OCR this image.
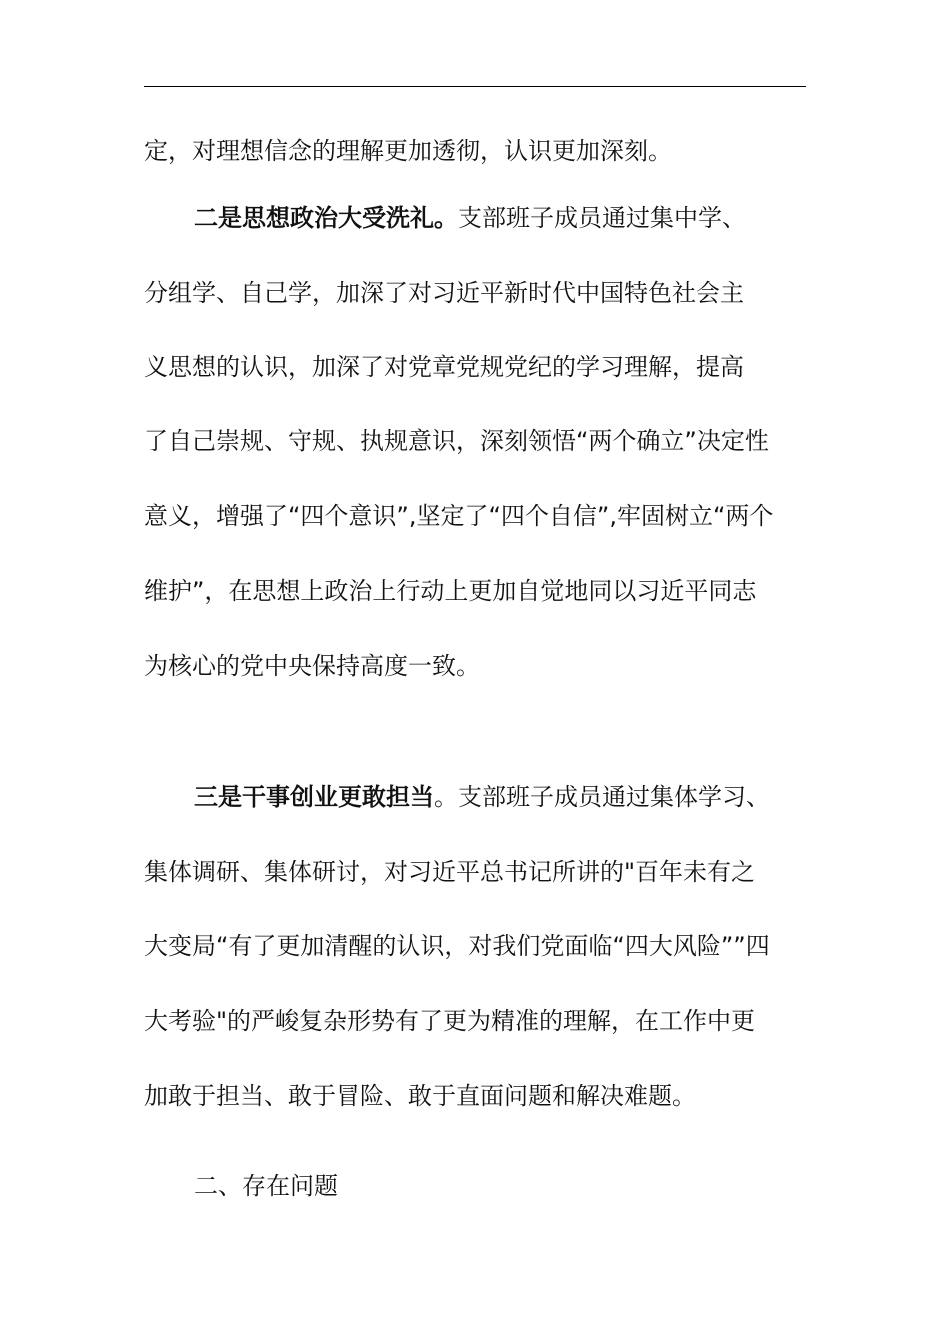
定，对理想信念的理解更加透彻，认识更加深刻。
二是思想政治大受洗礼。支部班子成员通过集中学、
分组学、自己学，加深了对习近平新时代中国特色社会主
义思想的认识，加深了对党章党规党纪的学习理解，提高
了自己崇规、守规、执规意识，深刻领悟“两个确立”决定性
意义，增强了“四个意识”,坚定了“四个自信”,牢固树立“两个
维护”，在思想上政治上行动上更加自觉地同以习近平同志
为核心的党中央保持高度一致。
三是干事创业更敢担当。支部班子成员通过集体学习、
集体调研、集体研讨，对习近平总书记所讲的"百年未有之
大变局“有了更加清醒的认识，对我们党面临“四大风险””四
大考验"的严峻复杂形势有了更为精准的理解，在工作中更
加敢于担当、敢于冒险、敢于直面问题和解决难题。
二、存在问题
